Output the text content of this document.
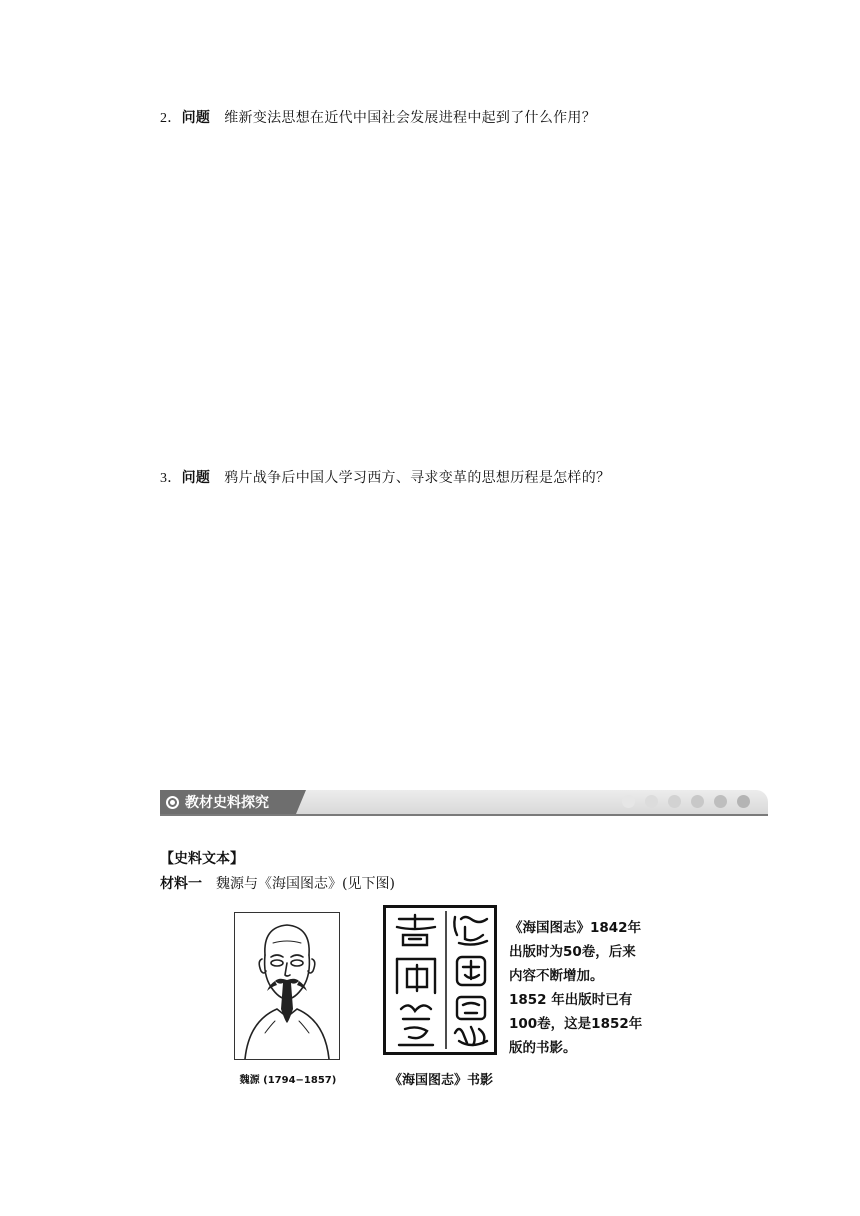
2．问题 维新变法思想在近代中国社会发展进程中起到了什么作用？
3．问题 鸦片战争后中国人学习西方、寻求变革的思想历程是怎样的？
教材史料探究
【史料文本】
材料一 魏源与《海国图志》(见下图)
魏源 (1794−1857)	《海国图志》书影
《海国图志》1842年
出版时为50卷，后来
内容不断增加。
1852 年出版时已有
100卷，这是1852年
版的书影。
